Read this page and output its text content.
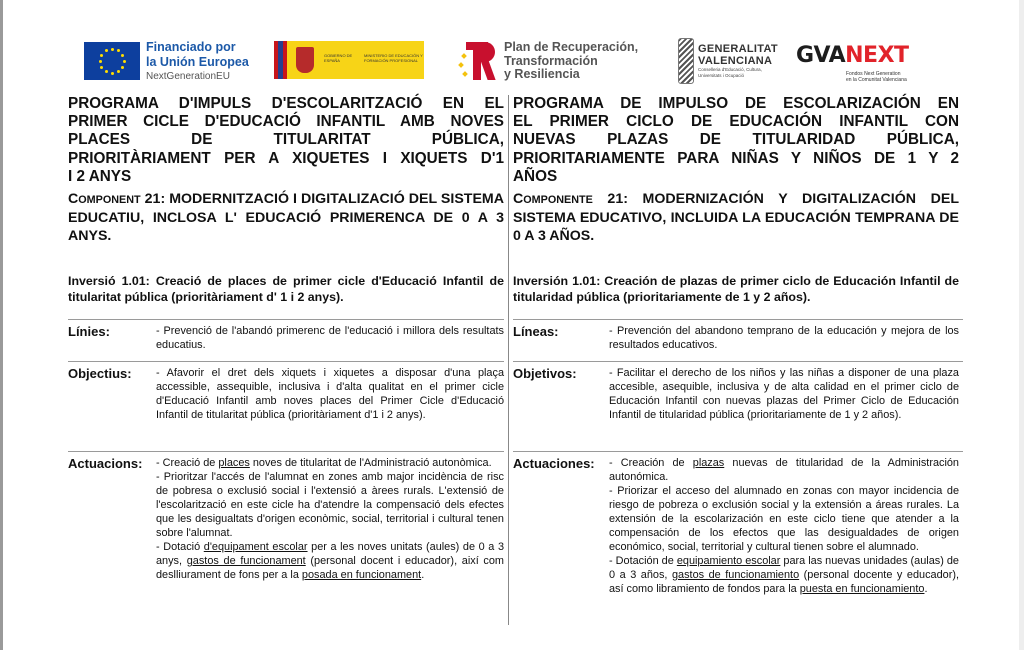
Financiado por
la Unión Europea
NextGenerationEU
GOBIERNO DE ESPAÑA
MINISTERIO DE EDUCACIÓN Y FORMACIÓN PROFESIONAL
Plan de Recuperación,
Transformación
y Resiliencia
GENERALITAT
VALENCIANA
Conselleria d'Educació, Cultura,
Universitats i Ocupació
GVANEXT
Fondos Next Generation
en la Comunitat Valenciana
PROGRAMA D'IMPULS D'ESCOLARITZACIÓ EN EL
PRIMER CICLE D'EDUCACIÓ INFANTIL AMB NOVES
PLACES DE TITULARITAT PÚBLICA,
PRIORITÀRIAMENT PER A XIQUETES I XIQUETS D'1
I 2 ANYS
COMPONENT 21: MODERNITZACIÓ I DIGITALIZACIÓ DEL SISTEMA EDUCATIU, INCLOSA L' EDUCACIÓ PRIMERENCA DE 0 A 3 ANYS.
Inversió 1.01: Creació de places de primer cicle d'Educació Infantil de titularitat pública (prioritàriament d' 1 i 2 anys).
Línies:	- Prevenció de l'abandó primerenc de l'educació i millora dels resultats educatius.

Objectius: - Afavorir el dret dels xiquets i xiquetes a disposar d'una plaça accessible, assequible, inclusiva i d'alta qualitat en el primer cicle d'Educació Infantil amb noves places del Primer Cicle d'Educació Infantil de titularitat pública (prioritàriament d'1 i 2 anys).

Actuacions: - Creació de places noves de titularitat de l'Administració autonòmica.

- Prioritzar l'accés de l'alumnat en zones amb major incidència de risc de pobresa o exclusió social i l'extensió a àrees rurals. L'extensió de l'escolarització en este cicle ha d'atendre la compensació dels efectes que les desigualtats d'origen econòmic, social, territorial i cultural tenen sobre l'alumnat.

- Dotació d'equipament escolar per a les noves unitats (aules) de 0 a 3 anys, gastos de funcionament (personal docent i educador), així com deslliurament de fons per a la posada en funcionament.

PROGRAMA DE IMPULSO DE ESCOLARIZACIÓN EN
EL PRIMER CICLO DE EDUCACIÓN INFANTIL CON
NUEVAS PLAZAS DE TITULARIDAD PÚBLICA,
PRIORITARIAMENTE PARA NIÑAS Y NIÑOS DE 1 Y 2
AÑOS
COMPONENTE 21: MODERNIZACIÓN Y DIGITALIZACIÓN DEL SISTEMA EDUCATIVO, INCLUIDA LA EDUCACIÓN TEMPRANA DE 0 A 3 AÑOS.
Inversión 1.01: Creación de plazas de primer ciclo de Educación Infantil de titularidad pública (prioritariamente de 1 y 2 años).
Líneas:	- Prevención del abandono temprano de la educación y mejora de los resultados educativos.

Objetivos:	- Facilitar el derecho de los niños y las niñas a disponer de una plaza accesible, asequible, inclusiva y de alta calidad en el primer ciclo de Educación Infantil con nuevas plazas del Primer Ciclo de Educación Infantil de titularidad pública (prioritariamente de 1 y 2 años).

Actuaciones: - Creación de plazas nuevas de titularidad de la Administración autonómica.

- Priorizar el acceso del alumnado en zonas con mayor incidencia de riesgo de pobreza o exclusión social y la extensión a áreas rurales. La extensión de la escolarización en este ciclo tiene que atender a la compensación de los efectos que las desigualdades de origen económico, social, territorial y cultural tienen sobre el alumnado.

- Dotación de equipamiento escolar para las nuevas unidades (aulas) de 0 a 3 años, gastos de funcionamiento (personal docente y educador), así como libramiento de fondos para la puesta en funcionamiento.
